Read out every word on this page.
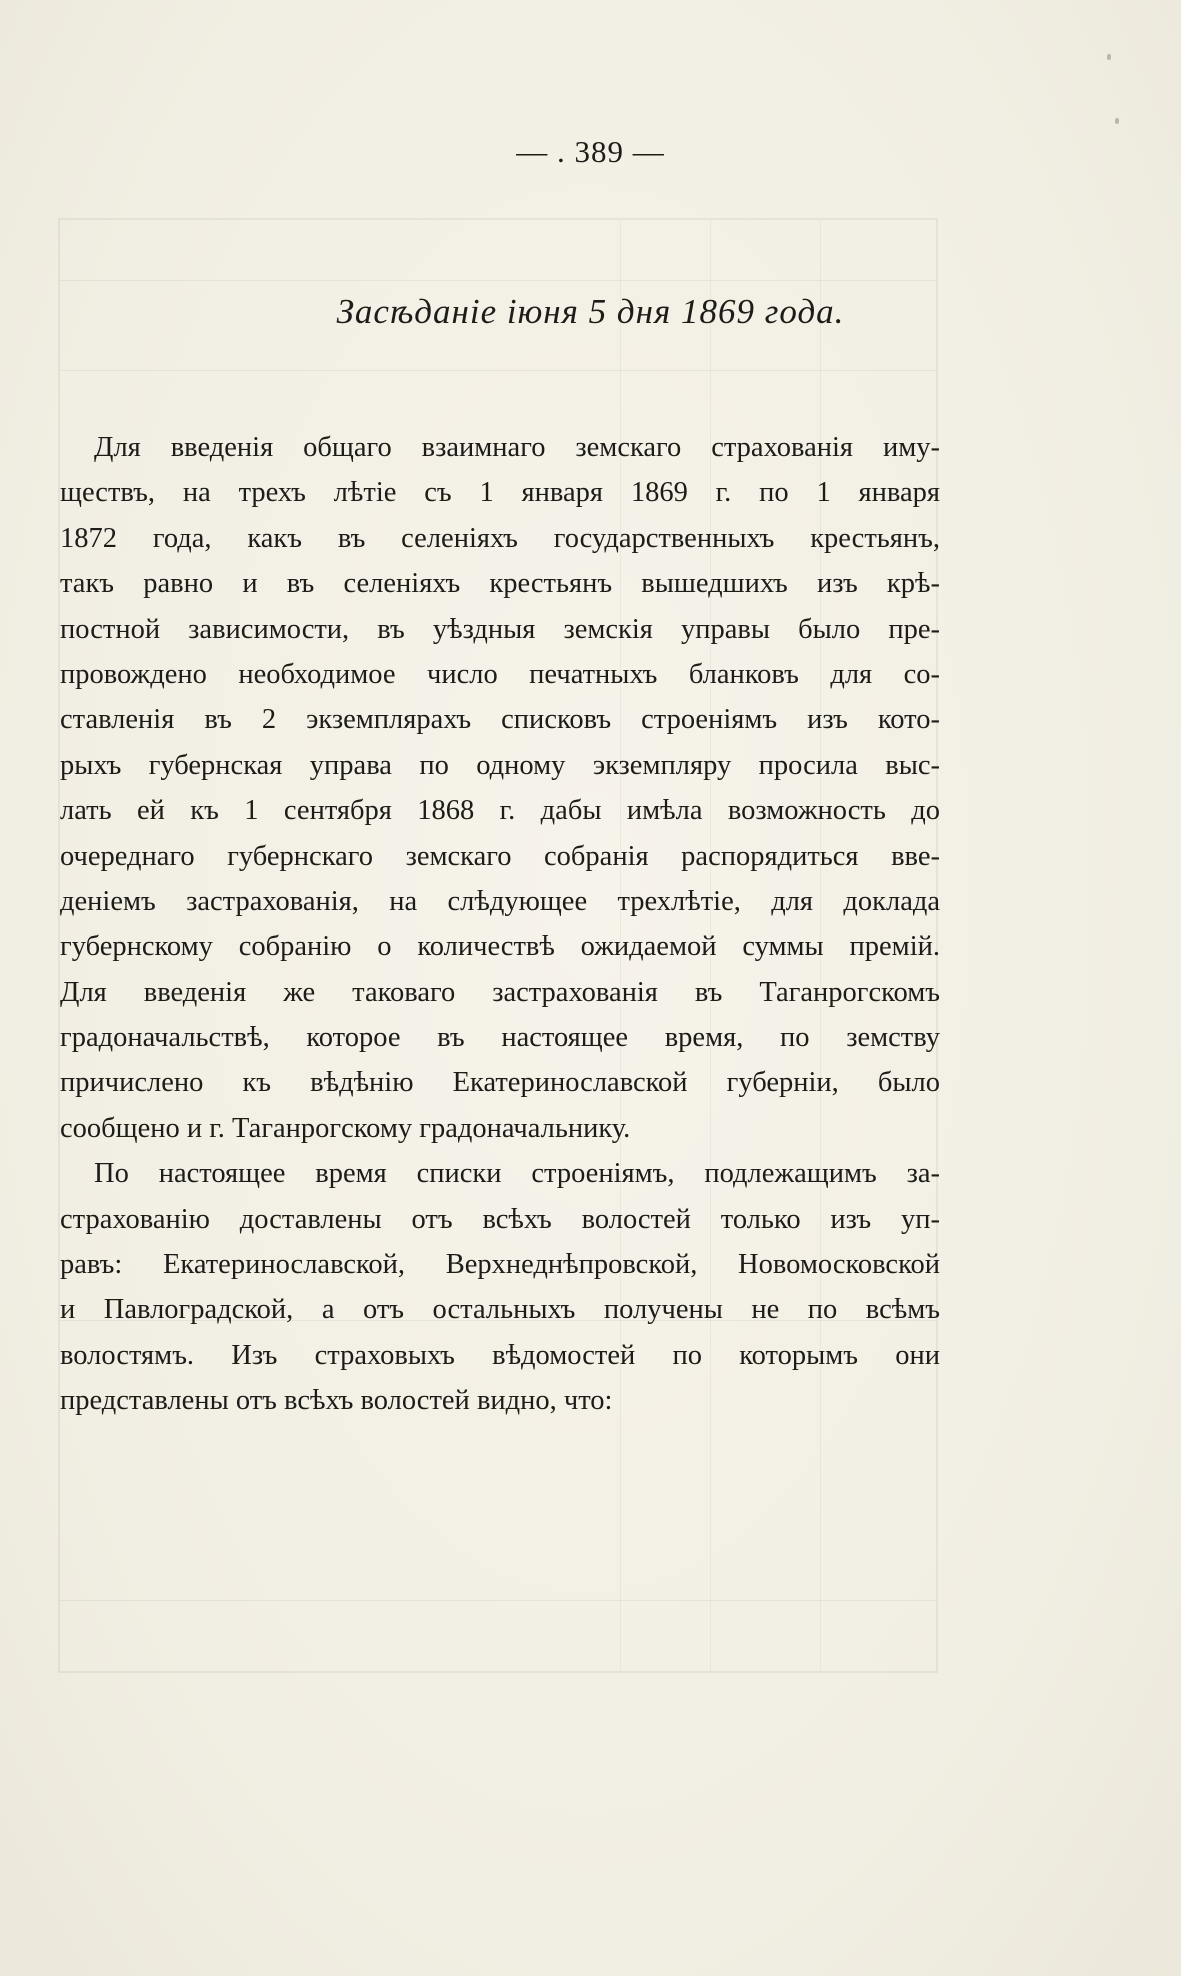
— . 389 —
Засѣданіе іюня 5 дня 1869 года.
Для введенія общаго взаимнаго земскаго страхованія иму-
ществъ, на трехъ лѣтіе съ 1 января 1869 г. по 1 января
1872 года, какъ въ селеніяхъ государственныхъ крестьянъ,
такъ равно и въ селеніяхъ крестьянъ вышедшихъ изъ крѣ-
постной зависимости, въ уѣздныя земскія управы было пре-
провождено необходимое число печатныхъ бланковъ для со-
ставленія въ 2 экземплярахъ списковъ строеніямъ изъ кото-
рыхъ губернская управа по одному экземпляру просила выс-
лать ей къ 1 сентября 1868 г. дабы имѣла возможность до
очереднаго губернскаго земскаго собранія распорядиться вве-
деніемъ застрахованія, на слѣдующее трехлѣтіе, для доклада
губернскому собранію о количествѣ ожидаемой суммы премій.
Для введенія же таковаго застрахованія въ Таганрогскомъ
градоначальствѣ, которое въ настоящее время, по земству
причислено къ вѣдѣнію Екатеринославской губерніи, было
сообщено и г. Таганрогскому градоначальнику.
По настоящее время списки строеніямъ, подлежащимъ за-
страхованію доставлены отъ всѣхъ волостей только изъ уп-
равъ: Екатеринославской, Верхнеднѣпровской, Новомосковской
и Павлоградской, а отъ остальныхъ получены не по всѣмъ
волостямъ. Изъ страховыхъ вѣдомостей по которымъ они
представлены отъ всѣхъ волостей видно, что:
